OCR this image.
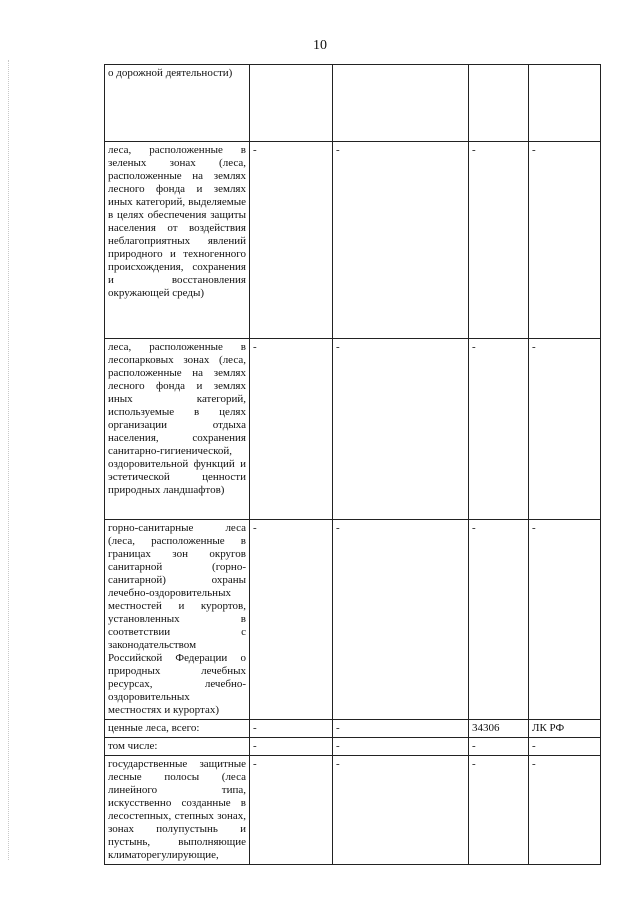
10
о дорожной деятельности)				
леса, расположенные в зеленых зонах (леса, расположенные на землях лесного фонда и землях иных категорий, выделяемые в целях обеспечения защиты населения от воздействия неблагоприятных явлений природного и техногенного происхождения, сохранения и восстановления окружающей среды)	-	-	-	-
леса, расположенные в лесопарковых зонах (леса, расположенные на землях лесного фонда и землях иных категорий, используемые в целях организации отдыха населения, сохранения санитарно-гигиенической, оздоровительной функций и эстетической ценности природных ландшафтов)	-	-	-	-
горно-санитарные леса (леса, расположенные в границах зон округов санитарной (горно-санитарной) охраны лечебно-оздоровительных местностей и курортов, установленных в соответствии с законодательством Российской Федерации о природных лечебных ресурсах, лечебно-оздоровительных местностях и курортах)	-	-	-	-
ценные леса, всего:	-	-	34306	ЛК РФ
том числе:	-	-	-	-
государственные защитные лесные полосы (леса линейного типа, искусственно созданные в лесостепных, степных зонах, зонах полупустынь и пустынь, выполняющие климаторегулирующие,	-	-	-	-
